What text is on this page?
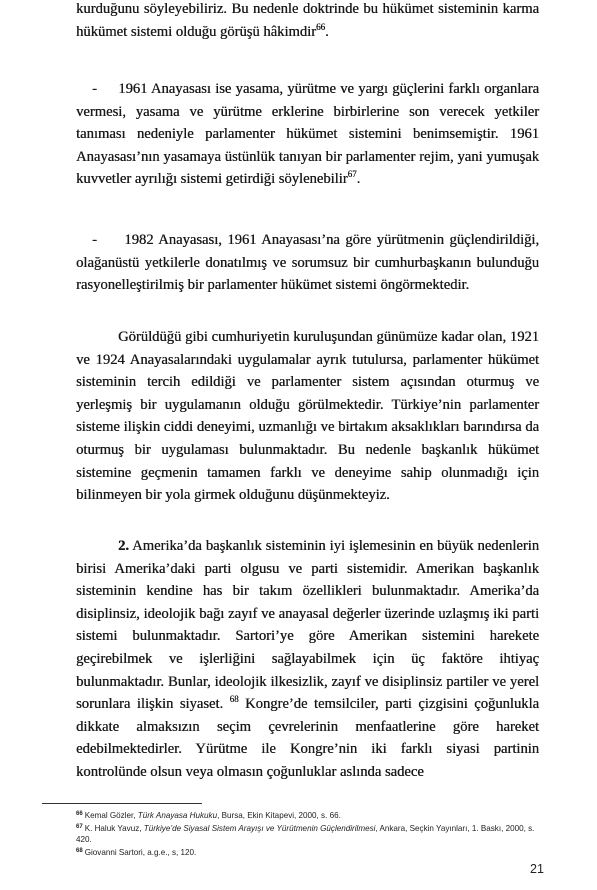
kurduğunu söyleyebiliriz. Bu nedenle doktrinde bu hükümet sisteminin karma hükümet sistemi olduğu görüşü hâkimdir$^{66}$.

-     1961 Anayasası ise yasama, yürütme ve yargı güçlerini farklı organlara vermesi, yasama ve yürütme erklerine birbirlerine son verecek yetkiler tanıması nedeniyle parlamenter hükümet sistemini benimsemiştir. 1961 Anayasası’nın yasamaya üstünlük tanıyan bir parlamenter rejim, yani yumuşak kuvvetler ayrılığı sistemi getirdiği söylenebilir$^{67}$.

-     1982 Anayasası, 1961 Anayasası’na göre yürütmenin güçlendirildiği, olağanüstü yetkilerle donatılmış ve sorumsuz bir cumhurbaşkanın bulunduğu rasyonelleştirilmiş bir parlamenter hükümet sistemi öngörmektedir.

Görüldüğü gibi cumhuriyetin kuruluşundan günümüze kadar olan, 1921 ve 1924 Anayasalarındaki uygulamalar ayrık tutulursa, parlamenter hükümet sisteminin tercih edildiği ve parlamenter sistem açısından oturmuş ve yerleşmiş bir uygulamanın olduğu görülmektedir. Türkiye’nin parlamenter sisteme ilişkin ciddi deneyimi, uzmanlığı ve birtakım aksaklıkları barındırsa da oturmuş bir uygulaması bulunmaktadır. Bu nedenle başkanlık hükümet sistemine geçmenin tamamen farklı ve deneyime sahip olunmadığı için bilinmeyen bir yola girmek olduğunu düşünmekteyiz.

2. Amerika’da başkanlık sisteminin iyi işlemesinin en büyük nedenlerin birisi Amerika’daki parti olgusu ve parti sistemidir. Amerikan başkanlık sisteminin kendine has bir takım özellikleri bulunmaktadır. Amerika’da disiplinsiz, ideolojik bağı zayıf ve anayasal değerler üzerinde uzlaşmış iki parti sistemi bulunmaktadır. Sartori’ye göre Amerikan sistemini harekete geçirebilmek ve işlerliğini sağlayabilmek için üç faktöre ihtiyaç bulunmaktadır. Bunlar, ideolojik ilkesizlik, zayıf ve disiplinsiz partiler ve yerel sorunlara ilişkin siyaset. $^{68}$ Kongre’de temsilciler, parti çizgisini çoğunlukla dikkate almaksızın seçim çevrelerinin menfaatlerine göre hareket edebilmektedirler. Yürütme ile Kongre’nin iki farklı siyasi partinin kontrolünde olsun veya olmasın çoğunluklar aslında sadece

$^{66}$ Kemal Gözler, Türk Anayasa Hukuku, Bursa, Ekin Kitapevi, 2000, s. 66.

$^{67}$ K. Haluk Yavuz, Türkiye’de Siyasal Sistem Arayışı ve Yürütmenin Güçlendirilmesi, Ankara, Seçkin Yayınları, 1. Baskı, 2000, s. 420.

$^{68}$ Giovanni Sartori, a.g.e., s, 120.

21
